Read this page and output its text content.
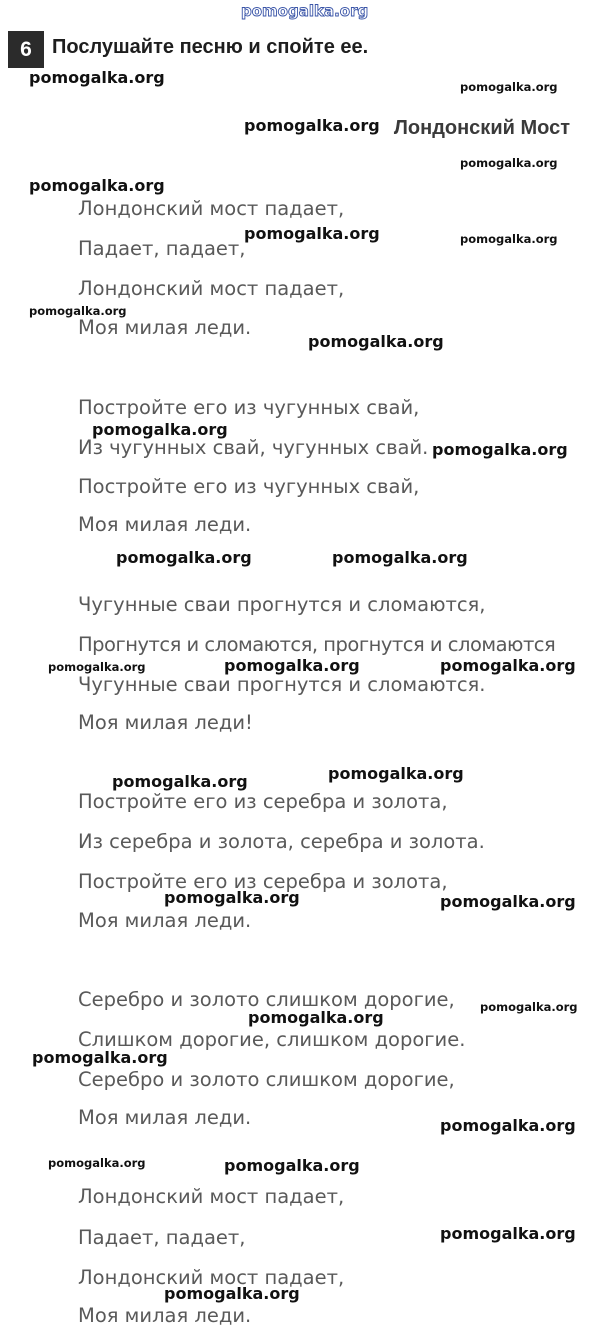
pomogalka.org
6	Послушайте песню и спойте ее.
Лондонский Мост
Лондонский мост падает,
Падает, падает,
Лондонский мост падает,
Моя милая леди.
Постройте его из чугунных свай,
Из чугунных свай, чугунных свай.
Постройте его из чугунных свай,
Моя милая леди.
Чугунные сваи прогнутся и сломаются,
Прогнутся и сломаются, прогнутся и сломаются
Чугунные сваи прогнутся и сломаются.
Моя милая леди!
Постройте его из серебра и золота,
Из серебра и золота, серебра и золота.
Постройте его из серебра и золота,
Моя милая леди.
Серебро и золото слишком дорогие,
Слишком дорогие, слишком дорогие.
Серебро и золото слишком дорогие,
Моя милая леди.
Лондонский мост падает,
Падает, падает,
Лондонский мост падает,
Моя милая леди.
pomogalka.org	pomogalka.org
pomogalka.org
pomogalka.org
pomogalka.org
pomogalka.org	pomogalka.org
pomogalka.org
pomogalka.org
pomogalka.org
pomogalka.org
pomogalka.org	pomogalka.org
pomogalka.org	pomogalka.org	pomogalka.org
pomogalka.org
pomogalka.org
pomogalka.org	pomogalka.org
pomogalka.org
pomogalka.org
pomogalka.org
pomogalka.org
pomogalka.org	pomogalka.org
pomogalka.org
pomogalka.org
